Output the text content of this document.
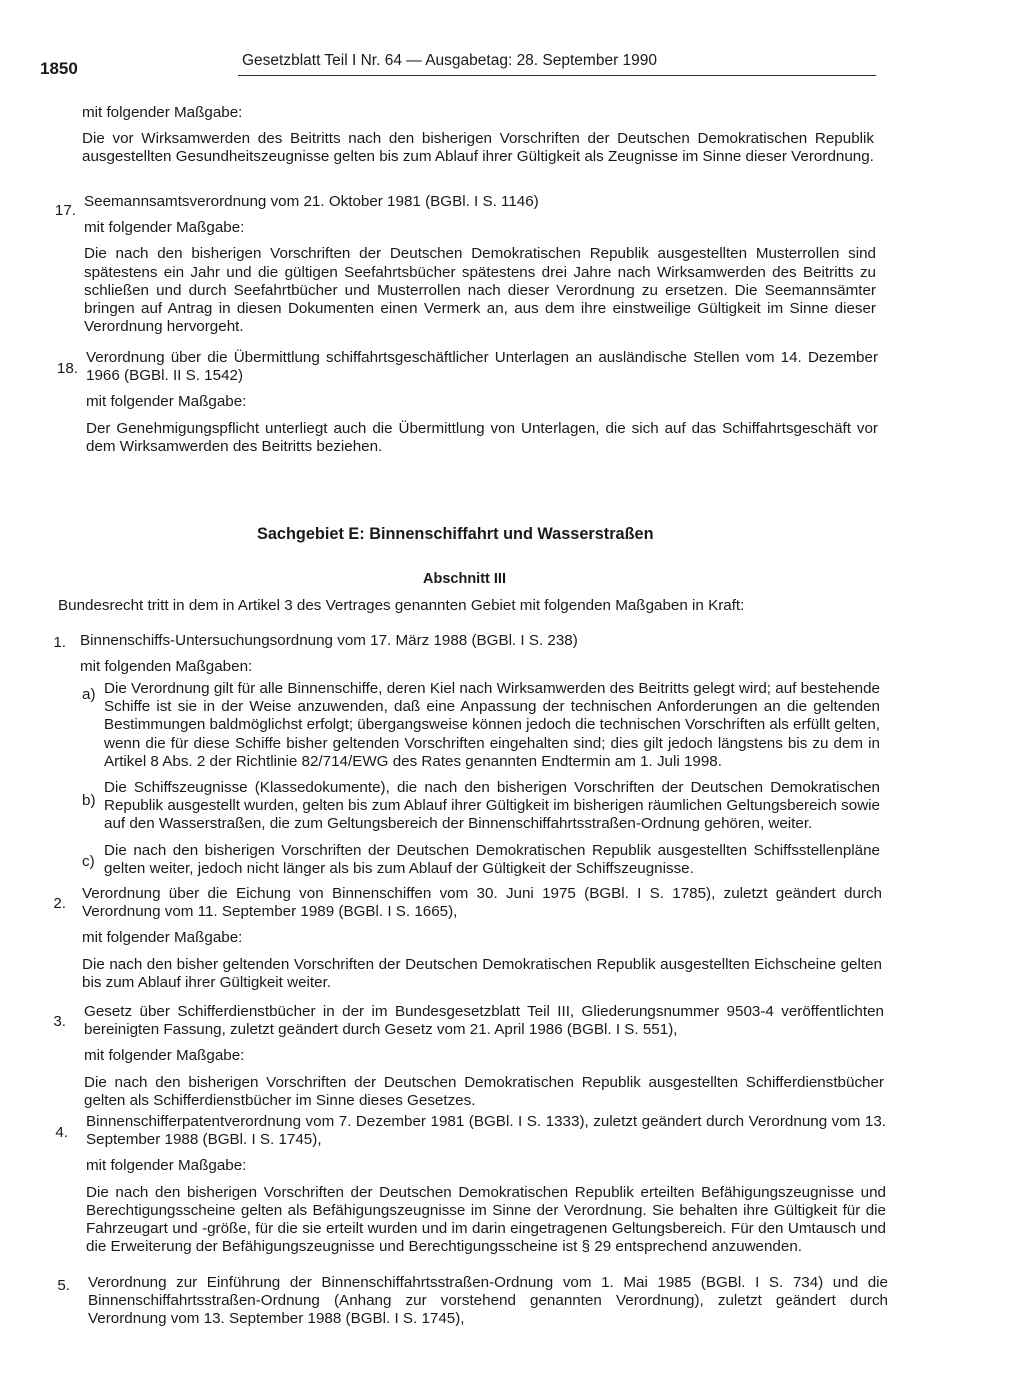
1850	Gesetzblatt Teil I Nr. 64 — Ausgabetag: 28. September 1990

mit folgender Maßgabe:

Die vor Wirksamwerden des Beitritts nach den bisherigen Vorschriften der Deutschen Demokratischen Republik ausgestellten Gesundheitszeugnisse gelten bis zum Ablauf ihrer Gültigkeit als Zeugnisse im Sinne dieser Verordnung.

17.

Seemannsamtsverordnung vom 21. Oktober 1981 (BGBl. I S. 1146)

mit folgender Maßgabe:

Die nach den bisherigen Vorschriften der Deutschen Demokratischen Republik ausgestellten Musterrollen sind spätestens ein Jahr und die gültigen Seefahrtsbücher spätestens drei Jahre nach Wirksamwerden des Beitritts zu schließen und durch Seefahrtbücher und Musterrollen nach dieser Verordnung zu ersetzen. Die Seemannsämter bringen auf Antrag in diesen Dokumenten einen Vermerk an, aus dem ihre einstweilige Gültigkeit im Sinne dieser Verordnung hervorgeht.

18.

Verordnung über die Übermittlung schiffahrtsgeschäftlicher Unterlagen an ausländische Stellen vom 14. Dezember 1966 (BGBl. II S. 1542)

mit folgender Maßgabe:

Der Genehmigungspflicht unterliegt auch die Übermittlung von Unterlagen, die sich auf das Schiffahrtsgeschäft vor dem Wirksamwerden des Beitritts beziehen.

Sachgebiet E: Binnenschiffahrt und Wasserstraßen
Abschnitt III

Bundesrecht tritt in dem in Artikel 3 des Vertrages genannten Gebiet mit folgenden Maßgaben in Kraft:

1. Binnenschiffs-Untersuchungsordnung vom 17. März 1988 (BGBl. I S. 238)

mit folgenden Maßgaben:

a) Die Verordnung gilt für alle Binnenschiffe, deren Kiel nach Wirksamwerden des Beitritts gelegt wird; auf bestehende Schiffe ist sie in der Weise anzuwenden, daß eine Anpassung der technischen Anforderungen an die geltenden Bestimmungen baldmöglichst erfolgt; übergangsweise können jedoch die technischen Vorschriften als erfüllt gelten, wenn die für diese Schiffe bisher geltenden Vorschriften eingehalten sind; dies gilt jedoch längstens bis zu dem in Artikel 8 Abs. 2 der Richtlinie 82/714/EWG des Rates genannten Endtermin am 1. Juli 1998.

b)

Die Schiffszeugnisse (Klassedokumente), die nach den bisherigen Vorschriften der Deutschen Demokratischen Republik ausgestellt wurden, gelten bis zum Ablauf ihrer Gültigkeit im bisherigen räumlichen Geltungsbereich sowie auf den Wasserstraßen, die zum Geltungsbereich der Binnenschiffahrtsstraßen-Ordnung gehören, weiter.

c)

Die nach den bisherigen Vorschriften der Deutschen Demokratischen Republik ausgestellten Schiffsstellenpläne gelten weiter, jedoch nicht länger als bis zum Ablauf der Gültigkeit der Schiffszeugnisse.

2.

Verordnung über die Eichung von Binnenschiffen vom 30. Juni 1975 (BGBl. I S. 1785), zuletzt geändert durch Verordnung vom 11. September 1989 (BGBl. I S. 1665),

mit folgender Maßgabe:

Die nach den bisher geltenden Vorschriften der Deutschen Demokratischen Republik ausgestellten Eichscheine gelten bis zum Ablauf ihrer Gültigkeit weiter.

3.

Gesetz über Schifferdienstbücher in der im Bundesgesetzblatt Teil III, Gliederungsnummer 9503-4 veröffentlichten bereinigten Fassung, zuletzt geändert durch Gesetz vom 21. April 1986 (BGBl. I S. 551),

mit folgender Maßgabe:

Die nach den bisherigen Vorschriften der Deutschen Demokratischen Republik ausgestellten Schifferdienstbücher gelten als Schifferdienstbücher im Sinne dieses Gesetzes.

4.

Binnenschifferpatentverordnung vom 7. Dezember 1981 (BGBl. I S. 1333), zuletzt geändert durch Verordnung vom 13. September 1988 (BGBl. I S. 1745),

mit folgender Maßgabe:

Die nach den bisherigen Vorschriften der Deutschen Demokratischen Republik erteilten Befähigungszeugnisse und Berechtigungsscheine gelten als Befähigungszeugnisse im Sinne der Verordnung. Sie behalten ihre Gültigkeit für die Fahrzeugart und -größe, für die sie erteilt wurden und im darin eingetragenen Geltungsbereich. Für den Umtausch und die Erweiterung der Befähigungszeugnisse und Berechtigungsscheine ist § 29 entsprechend anzuwenden.

5. Verordnung zur Einführung der Binnenschiffahrtsstraßen-Ordnung vom 1. Mai 1985 (BGBl. I S. 734) und die Binnenschiffahrtsstraßen-Ordnung (Anhang zur vorstehend genannten Verordnung), zuletzt geändert durch Verordnung vom 13. September 1988 (BGBl. I S. 1745),
